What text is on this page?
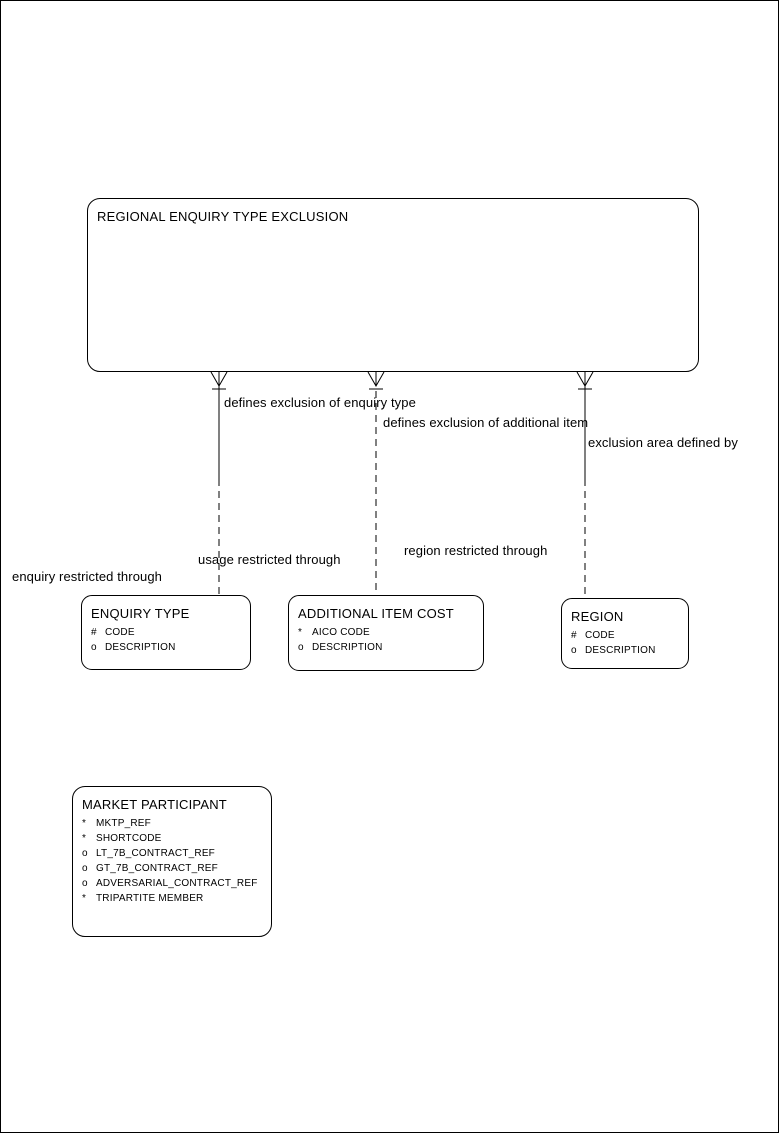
REGIONAL ENQUIRY TYPE EXCLUSION
ENQUIRY TYPE
# CODE
o DESCRIPTION
ADDITIONAL ITEM COST
* AICO CODE
o DESCRIPTION
REGION
# CODE
o DESCRIPTION
MARKET PARTICIPANT
* MKTP_REF
* SHORTCODE
o LT_7B_CONTRACT_REF
o GT_7B_CONTRACT_REF
o ADVERSARIAL_CONTRACT_REF
* TRIPARTITE MEMBER
defines exclusion of enquiry type
defines exclusion of additional item
exclusion area defined by
usage restricted through
region restricted through
enquiry restricted through
